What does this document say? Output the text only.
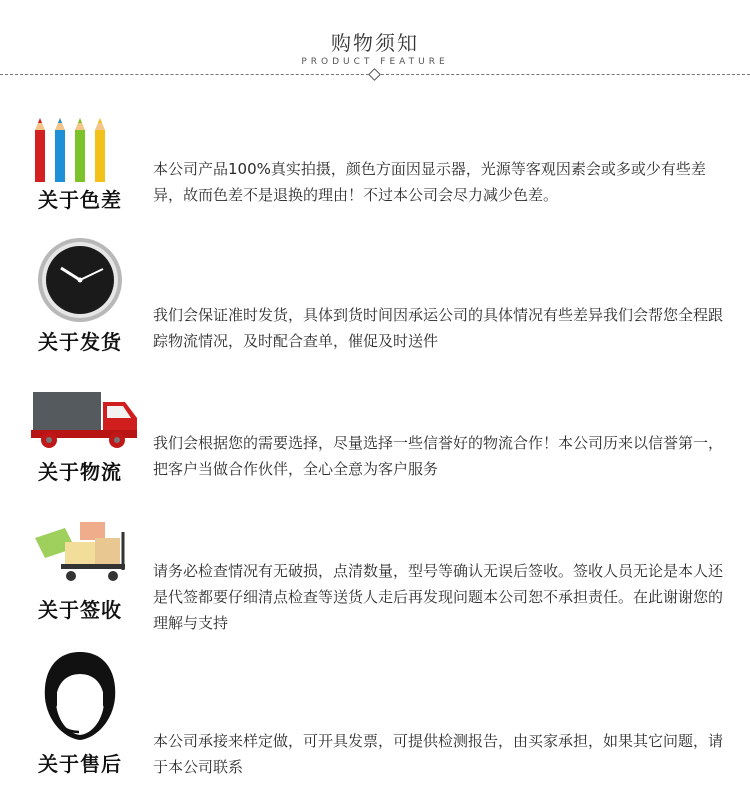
购物须知
PRODUCT FEATURE
关于色差
本公司产品100%真实拍摄，颜色方面因显示器，光源等客观因素会或多或少有些差异，故而色差不是退换的理由！不过本公司会尽力减少色差。
关于发货
我们会保证准时发货，具体到货时间因承运公司的具体情况有些差异我们会帮您全程跟踪物流情况，及时配合查单，催促及时送件
关于物流
我们会根据您的需要选择，尽量选择一些信誉好的物流合作！本公司历来以信誉第一，把客户当做合作伙伴，全心全意为客户服务
关于签收
请务必检查情况有无破损，点清数量，型号等确认无误后签收。签收人员无论是本人还是代签都要仔细清点检查等送货人走后再发现问题本公司恕不承担责任。在此谢谢您的理解与支持
关于售后
本公司承接来样定做，可开具发票，可提供检测报告，由买家承担，如果其它问题，请于本公司联系
